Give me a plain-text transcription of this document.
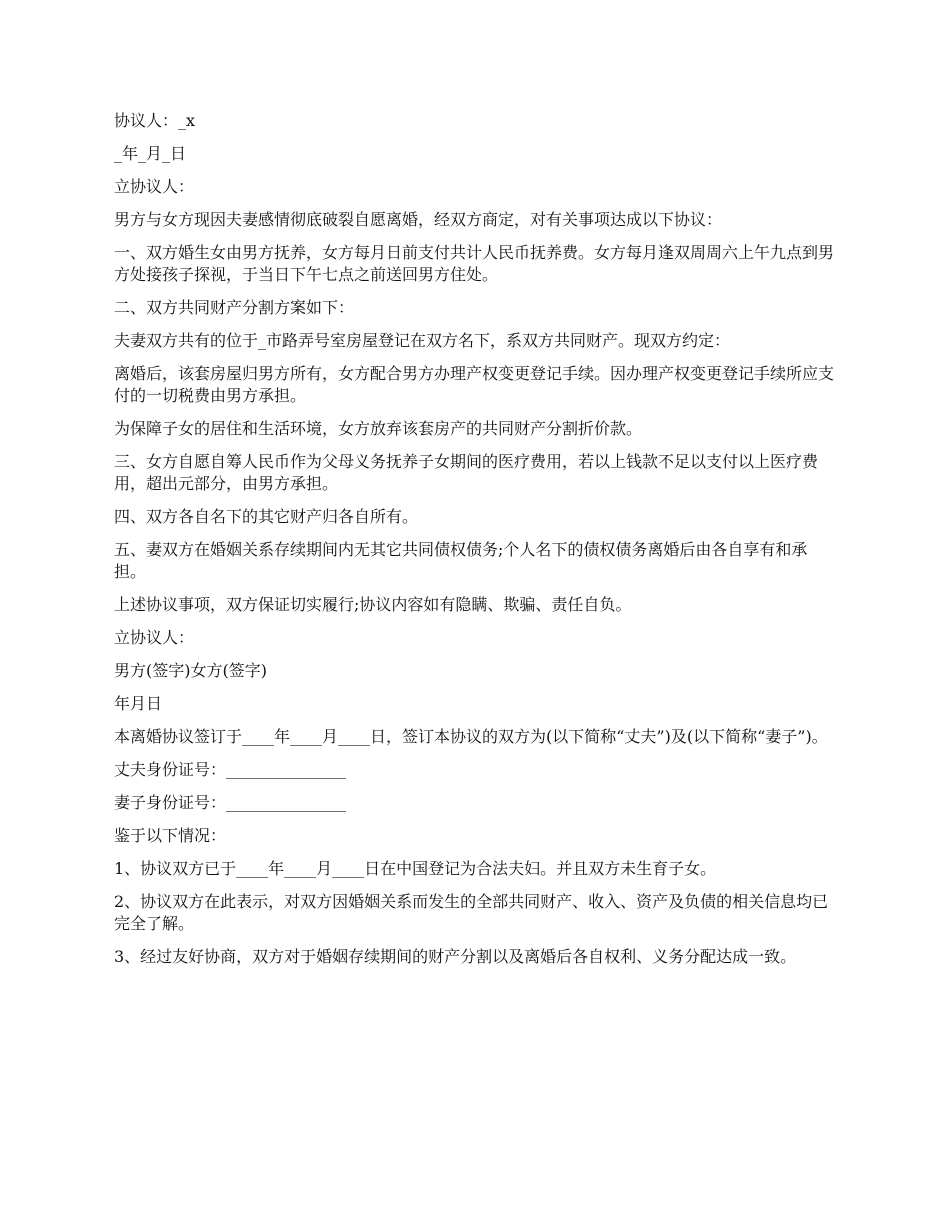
协议人：_x

_年_月_日

立协议人：

男方与女方现因夫妻感情彻底破裂自愿离婚，经双方商定，对有关事项达成以下协议：

一、双方婚生女由男方抚养，女方每月日前支付共计人民币抚养费。女方每月逢双周周六上午九点到男方处接孩子探视，于当日下午七点之前送回男方住处。

二、双方共同财产分割方案如下：

夫妻双方共有的位于_市路弄号室房屋登记在双方名下，系双方共同财产。现双方约定：

离婚后，该套房屋归男方所有，女方配合男方办理产权变更登记手续。因办理产权变更登记手续所应支付的一切税费由男方承担。

为保障子女的居住和生活环境，女方放弃该套房产的共同财产分割折价款。

三、女方自愿自筹人民币作为父母义务抚养子女期间的医疗费用，若以上钱款不足以支付以上医疗费用，超出元部分，由男方承担。

四、双方各自名下的其它财产归各自所有。

五、妻双方在婚姻关系存续期间内无其它共同债权债务;个人名下的债权债务离婚后由各自享有和承担。

上述协议事项，双方保证切实履行;协议内容如有隐瞒、欺骗、责任自负。

立协议人：

男方(签字)女方(签字)

年月日

本离婚协议签订于____年____月____日，签订本协议的双方为(以下简称“丈夫”)及(以下简称“妻子”)。

丈夫身份证号：_______________

妻子身份证号：_______________

鉴于以下情况：

1、协议双方已于____年____月____日在中国登记为合法夫妇。并且双方未生育子女。

2、协议双方在此表示，对双方因婚姻关系而发生的全部共同财产、收入、资产及负债的相关信息均已完全了解。

3、经过友好协商，双方对于婚姻存续期间的财产分割以及离婚后各自权利、义务分配达成一致。
